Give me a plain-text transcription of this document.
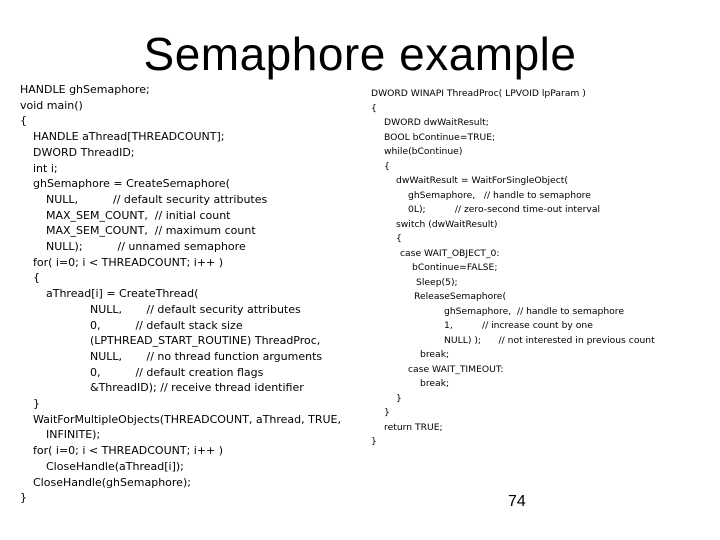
Semaphore example
HANDLE ghSemaphore;
void main()
{
HANDLE aThread[THREADCOUNT];
DWORD ThreadID;
int i;
ghSemaphore = CreateSemaphore(
NULL,          // default security attributes
MAX_SEM_COUNT,  // initial count
MAX_SEM_COUNT,  // maximum count
NULL);          // unnamed semaphore
for( i=0; i < THREADCOUNT; i++ )
{
aThread[i] = CreateThread(
NULL,       // default security attributes
0,          // default stack size
(LPTHREAD_START_ROUTINE) ThreadProc,
NULL,       // no thread function arguments
0,          // default creation flags
&ThreadID); // receive thread identifier
}
WaitForMultipleObjects(THREADCOUNT, aThread, TRUE,
INFINITE);
for( i=0; i < THREADCOUNT; i++ )
CloseHandle(aThread[i]);
CloseHandle(ghSemaphore);
}
DWORD WINAPI ThreadProc( LPVOID lpParam )
{
DWORD dwWaitResult;
BOOL bContinue=TRUE;
while(bContinue)
{
dwWaitResult = WaitForSingleObject(
ghSemaphore,   // handle to semaphore
0L);          // zero-second time-out interval
switch (dwWaitResult)
{
case WAIT_OBJECT_0:
bContinue=FALSE;
Sleep(5);
ReleaseSemaphore(
ghSemaphore,  // handle to semaphore
1,          // increase count by one
NULL) );      // not interested in previous count
break;
case WAIT_TIMEOUT:
break;
}
}
return TRUE;
}
74
